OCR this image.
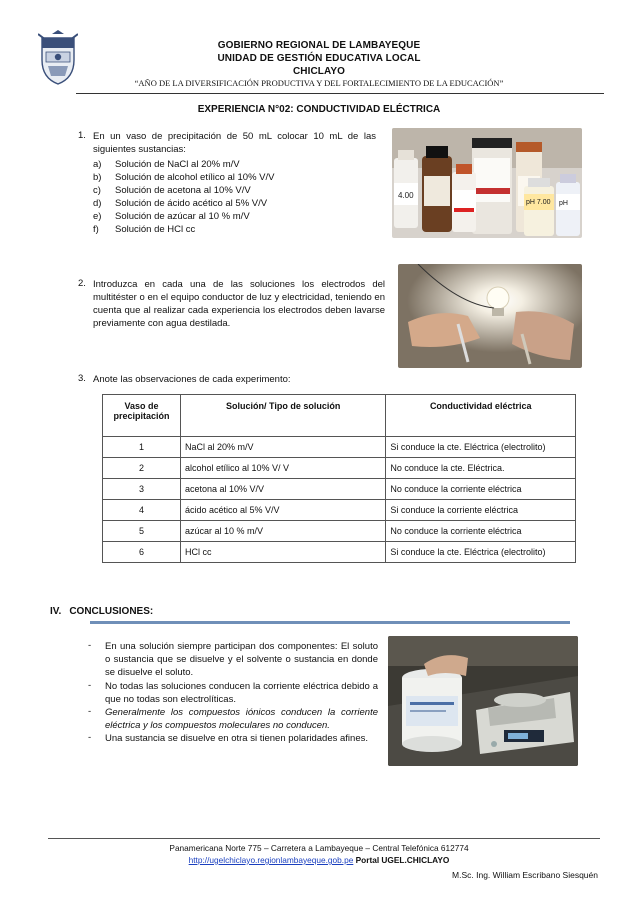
GOBIERNO REGIONAL DE LAMBAYEQUE
UNIDAD DE GESTIÓN EDUCATIVA LOCAL
CHICLAYO
“AÑO DE LA DIVERSIFICACIÓN PRODUCTIVA Y DEL FORTALECIMIENTO DE LA EDUCACIÓN”
EXPERIENCIA N°02: CONDUCTIVIDAD ELÉCTRICA
1. En un vaso de precipitación de 50 mL colocar 10 mL de las siguientes sustancias:
a) Solución de NaCl al 20% m/V
b) Solución de alcohol etílico al 10% V/V
c) Solución de acetona al 10% V/V
d) Solución de ácido acético al 5% V/V
e) Solución de azúcar al 10 % m/V
f) Solución de HCl cc
4.00
pH 7.00 pH
2. Introduzca en cada una de las soluciones los electrodos del multitéster o en el equipo conductor de luz y electricidad, teniendo en cuenta que al realizar cada experiencia los electrodos deben lavarse previamente con agua destilada.
3. Anote las observaciones de cada experimento:
Vaso de precipitación	Solución/ Tipo de solución	Conductividad eléctrica
1	NaCl al 20% m/V	Si conduce la cte. Eléctrica (electrolito)
2	alcohol etílico al 10% V/ V	No conduce la cte. Eléctrica.
3	acetona al 10% V/V	No conduce la corriente eléctrica
4	ácido acético al 5% V/V	Si conduce la corriente eléctrica
5	azúcar al 10 % m/V	No conduce la corriente eléctrica
6	HCl cc	Si conduce la cte. Eléctrica (electrolito)
IV. CONCLUSIONES:
-	En una solución siempre participan dos componentes: El soluto o sustancia que se disuelve y el solvente o sustancia en donde se disuelve el soluto.
-	No todas las soluciones conducen la corriente eléctrica debido a que no todas son electrolíticas.
-	Generalmente los compuestos iónicos conducen la corriente eléctrica y los compuestos moleculares no conducen.
-	Una sustancia se disuelve en otra si tienen polaridades afines.
Panamericana Norte 775 – Carretera a Lambayeque – Central Telefónica 612774
http://ugelchiclayo.regionlambayeque.gob.pe Portal UGEL.CHICLAYO
M.Sc. Ing. William Escribano Siesquén
